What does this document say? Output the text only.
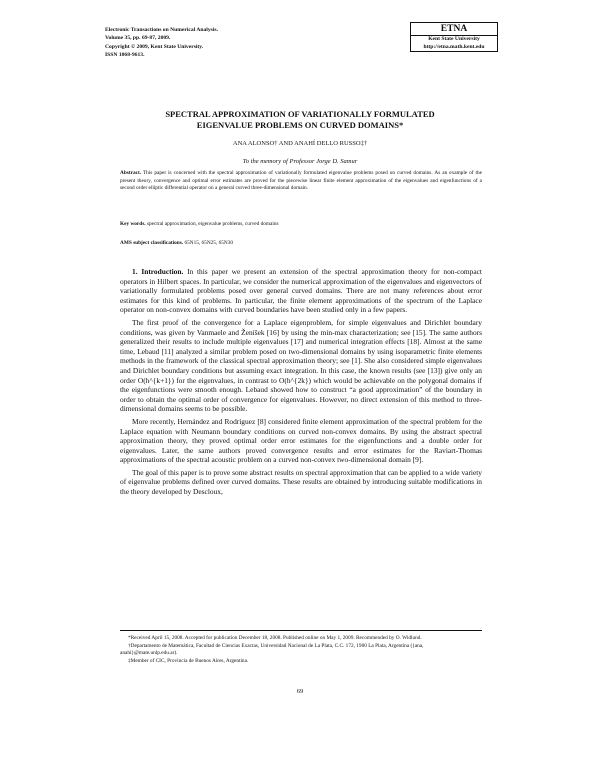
Electronic Transactions on Numerical Analysis.
Volume 35, pp. 69-87, 2009.
Copyright © 2009, Kent State University.
ISSN 1068-9613.
ETNA
Kent State University
http://etna.math.kent.edu
SPECTRAL APPROXIMATION OF VARIATIONALLY FORMULATED
EIGENVALUE PROBLEMS ON CURVED DOMAINS*
ANA ALONSO† AND ANAHÍ DELLO RUSSO‡†
To the memory of Professor Jorge D. Samur
Abstract. This paper is concerned with the spectral approximation of variationally formulated eigenvalue problems posed on curved domains. As an example of the present theory, convergence and optimal error estimates are proved for the piecewise linear finite element approximation of the eigenvalues and eigenfunctions of a second order elliptic differential operator on a general curved three-dimensional domain.
Key words. spectral approximation, eigenvalue problems, curved domains
AMS subject classifications. 65N15, 65N25, 65N30

1. Introduction. In this paper we present an extension of the spectral approximation theory for non-compact operators in Hilbert spaces. In particular, we consider the numerical approximation of the eigenvalues and eigenvectors of variationally formulated problems posed over general curved domains. There are not many references about error estimates for this kind of problems. In particular, the finite element approximations of the spectrum of the Laplace operator on non-convex domains with curved boundaries have been studied only in a few papers.

The first proof of the convergence for a Laplace eigenproblem, for simple eigenvalues and Dirichlet boundary conditions, was given by Vanmaele and Ženíšek [16] by using the min-max characterization; see [15]. The same authors generalized their results to include multiple eigenvalues [17] and numerical integration effects [18]. Almost at the same time, Lebaud [11] analyzed a similar problem posed on two-dimensional domains by using isoparametric finite elements methods in the framework of the classical spectral approximation theory; see [1]. She also considered simple eigenvalues and Dirichlet boundary conditions but assuming exact integration. In this case, the known results (see [13]) give only an order O(h^{k+1}) for the eigenvalues, in contrast to O(h^{2k}) which would be achievable on the polygonal domains if the eigenfunctions were smooth enough. Lebaud showed how to construct “a good approximation” of the boundary in order to obtain the optimal order of convergence for eigenvalues. However, no direct extension of this method to three-dimensional domains seems to be possible.

More recently, Hernández and Rodríguez [8] considered finite element approximation of the spectral problem for the Laplace equation with Neumann boundary conditions on curved non-convex domains. By using the abstract spectral approximation theory, they proved optimal order error estimates for the eigenfunctions and a double order for eigenvalues. Later, the same authors proved convergence results and error estimates for the Raviart-Thomas approximations of the spectral acoustic problem on a curved non-convex two-dimensional domain [9].

The goal of this paper is to prove some abstract results on spectral approximation that can be applied to a wide variety of eigenvalue problems defined over curved domains. These results are obtained by introducing suitable modifications in the theory developed by Descloux,

*Received April 15, 2008. Accepted for publication December 18, 2008. Published online on May 1, 2009. Recommended by O. Widlund.
†Departamento de Matemática, Facultad de Ciencias Exactas, Universidad Nacional de La Plata, C.C. 172, 1900 La Plata, Argentina ({ana, anahi}@mate.unlp.edu.ar).
‡Member of CIC, Provincia de Buenos Aires, Argentina.
69
